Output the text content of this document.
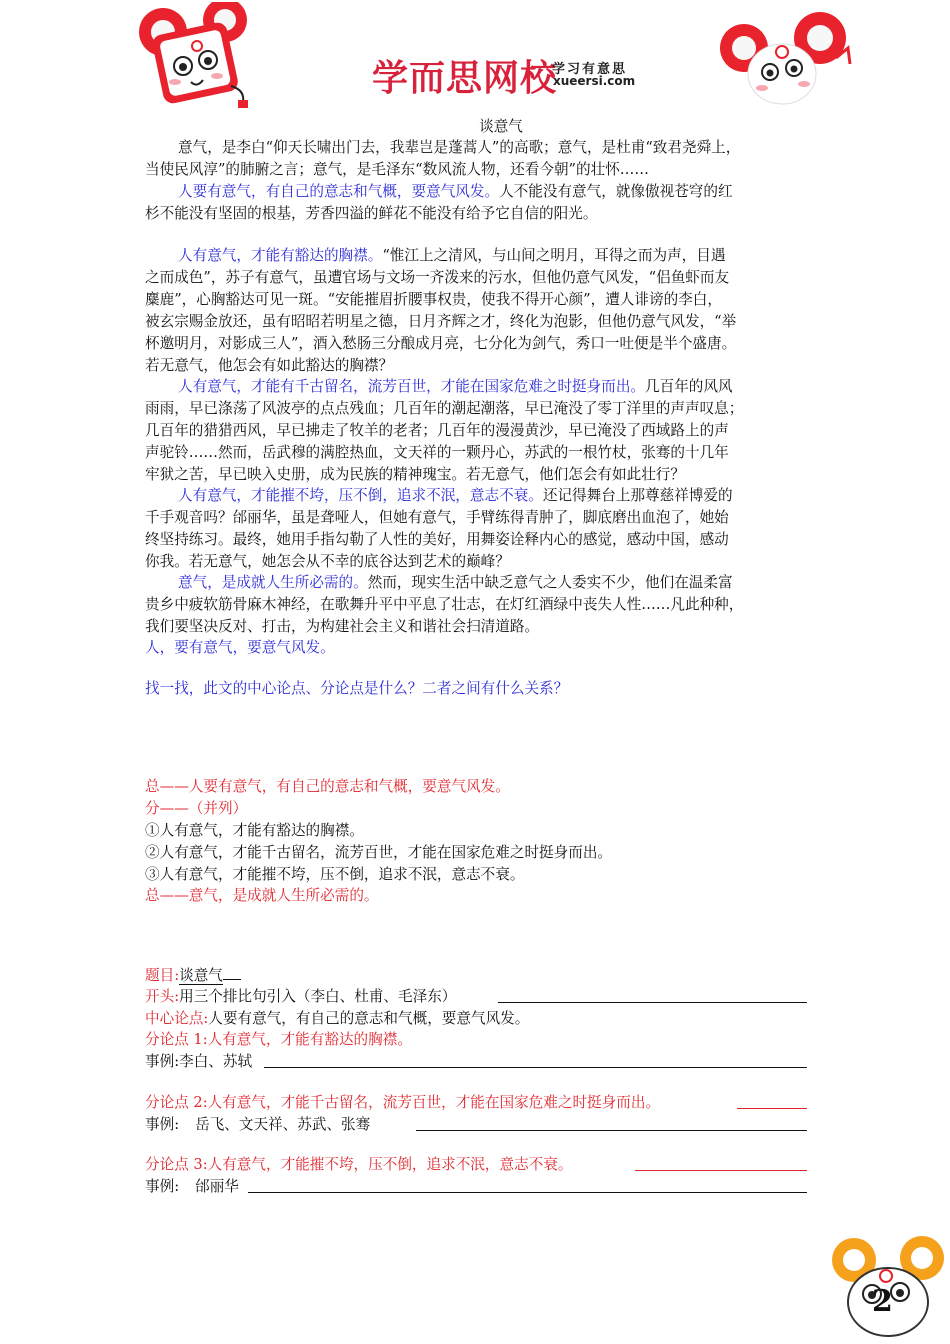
学而思网校
学习有意思
xueersi.com
谈意气
意气，是李白“仰天长啸出门去，我辈岂是蓬蒿人”的高歌；意气，是杜甫“致君尧舜上，
当使民风淳”的肺腑之言；意气，是毛泽东“数风流人物，还看今朝”的壮怀……
人要有意气，有自己的意志和气概，要意气风发。人不能没有意气，就像傲视苍穹的红
杉不能没有坚固的根基，芳香四溢的鲜花不能没有给予它自信的阳光。
人有意气，才能有豁达的胸襟。“惟江上之清风，与山间之明月，耳得之而为声，目遇
之而成色”，苏子有意气，虽遭官场与文场一齐泼来的污水，但他仍意气风发，“侣鱼虾而友
麋鹿”，心胸豁达可见一斑。“安能摧眉折腰事权贵，使我不得开心颜”，遭人诽谤的李白，
被玄宗赐金放还，虽有昭昭若明星之德，日月齐辉之才，终化为泡影，但他仍意气风发，“举
杯邀明月，对影成三人”，酒入愁肠三分酿成月亮，七分化为剑气，秀口一吐便是半个盛唐。
若无意气，他怎会有如此豁达的胸襟？
人有意气，才能有千古留名，流芳百世，才能在国家危难之时挺身而出。几百年的风风
雨雨，早已涤荡了风波亭的点点残血；几百年的潮起潮落，早已淹没了零丁洋里的声声叹息；
几百年的猎猎西风，早已拂走了牧羊的老者；几百年的漫漫黄沙，早已淹没了西域路上的声
声驼铃……然而，岳武穆的满腔热血，文天祥的一颗丹心，苏武的一根竹杖，张骞的十几年
牢狱之苦，早已映入史册，成为民族的精神瑰宝。若无意气，他们怎会有如此壮行？
人有意气，才能摧不垮，压不倒，追求不泯，意志不衰。还记得舞台上那尊慈祥博爱的
千手观音吗？邰丽华，虽是聋哑人，但她有意气，手臂练得青肿了，脚底磨出血泡了，她始
终坚持练习。最终，她用手指勾勒了人性的美好，用舞姿诠释内心的感觉，感动中国，感动
你我。若无意气，她怎会从不幸的底谷达到艺术的巅峰？
意气，是成就人生所必需的。然而，现实生活中缺乏意气之人委实不少，他们在温柔富
贵乡中疲软筋骨麻木神经，在歌舞升平中平息了壮志，在灯红酒绿中丧失人性……凡此种种，
我们要坚决反对、打击，为构建社会主义和谐社会扫清道路。
人，要有意气，要意气风发。
找一找，此文的中心论点、分论点是什么？二者之间有什么关系？
总——人要有意气，有自己的意志和气概，要意气风发。
分——（并列）
①人有意气，才能有豁达的胸襟。
②人有意气，才能千古留名，流芳百世，才能在国家危难之时挺身而出。
③人有意气，才能摧不垮，压不倒，追求不泯，意志不衰。
总——意气，是成就人生所必需的。
题目:谈意气
开头:用三个排比句引入（李白、杜甫、毛泽东）
中心论点:人要有意气，有自己的意志和气概，要意气风发。
分论点 1:人有意气，才能有豁达的胸襟。
事例:李白、苏轼
分论点 2:人有意气，才能千古留名，流芳百世，才能在国家危难之时挺身而出。
事例: 岳飞、文天祥、苏武、张骞
分论点 3:人有意气，才能摧不垮，压不倒，追求不泯，意志不衰。
事例: 邰丽华
2
